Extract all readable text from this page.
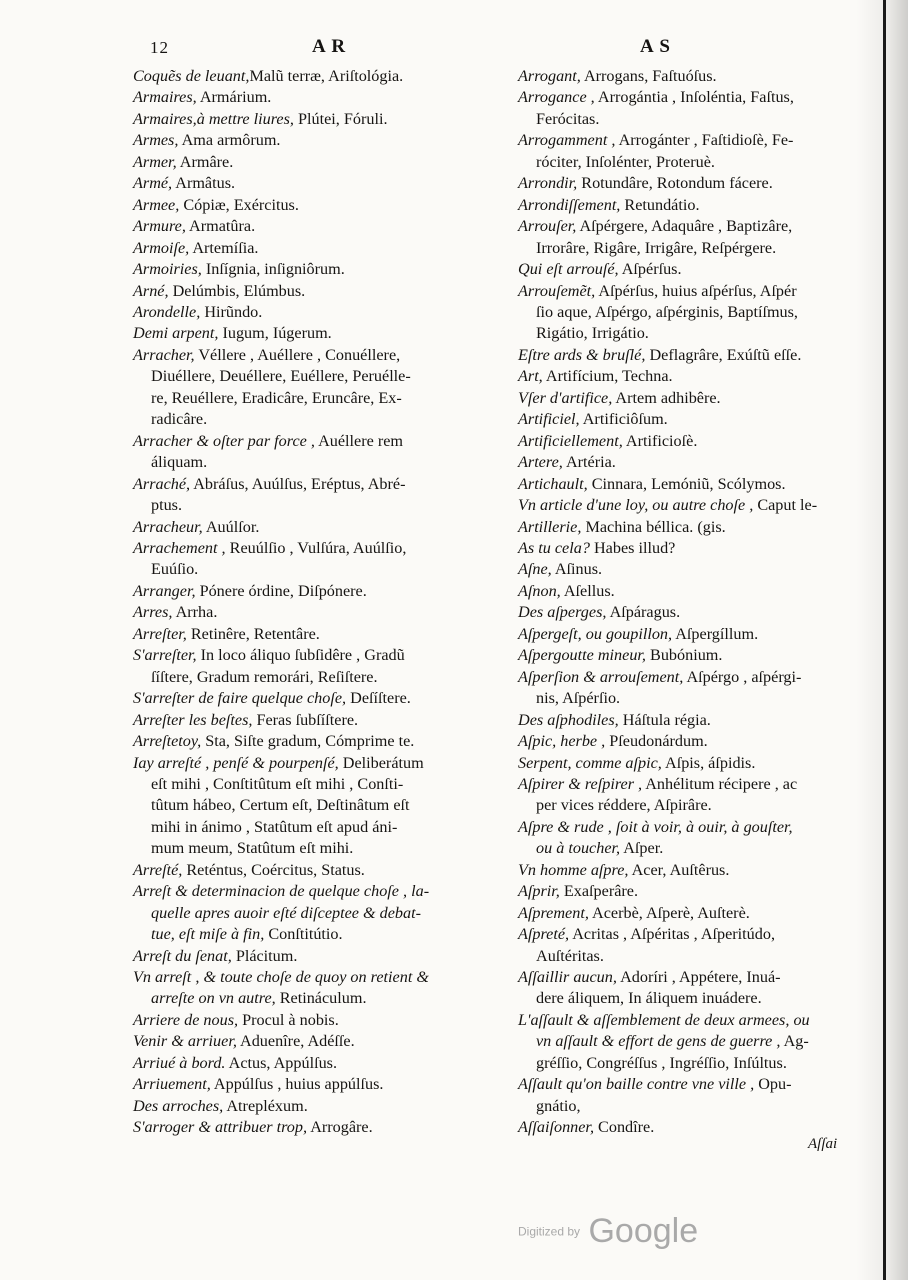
12	A R	A S
Coquẽs de leuant,Malũ terræ, Ariſtológia.
Armaires, Armárium.
Armaires,à mettre liures, Plútei, Fóruli.
Armes, Ama armôrum.
Armer, Armâre.
Armé, Armâtus.
Armee, Cópiæ, Exércitus.
Armure, Armatûra.
Armoiſe, Artemíſia.
Armoiries, Inſígnia, inſigniôrum.
Arné, Delúmbis, Elúmbus.
Arondelle, Hirũndo.
Demi arpent, Iugum, Iúgerum.
Arracher, Véllere , Auéllere , Conuéllere,
Diuéllere, Deuéllere, Euéllere, Peruélle-
re, Reuéllere, Eradicâre, Eruncâre, Ex-
radicâre.
Arracher & oſter par force , Auéllere rem
áliquam.
Arraché, Abráſus, Auúlſus, Eréptus, Abré-
ptus.
Arracheur, Auúlſor.
Arrachement , Reuúlſio , Vulſúra, Auúlſio,
Euúſio.
Arranger, Pónere órdine, Diſpónere.
Arres, Arrha.
Arreſter, Retinêre, Retentâre.
S'arreſter, In loco áliquo ſubſidêre , Gradũ
ſíſtere, Gradum remorári, Reſiſtere.
S'arreſter de faire quelque choſe, Deſíſtere.
Arreſter les beſtes, Feras ſubſíſtere.
Arreſtetoy, Sta, Siſte gradum, Cómprime te.
Iay arreſté , penſé & pourpenſé, Deliberátum
eſt mihi , Conſtitûtum eſt mihi , Conſti-
tûtum hábeo, Certum eſt, Deſtinâtum eſt
mihi in ánimo , Statûtum eſt apud áni-
mum meum, Statûtum eſt mihi.
Arreſté, Reténtus, Coércitus, Status.
Arreſt & determinacion de quelque choſe , la-
quelle apres auoir eſté diſceptee & debat-
tue, eſt miſe à fin, Conſtitútio.
Arreſt du ſenat, Plácitum.
Vn arreſt , & toute choſe de quoy on retient &
arreſte on vn autre, Retináculum.
Arriere de nous, Procul à nobis.
Venir & arriuer, Aduenîre, Adéſſe.
Arriué à bord. Actus, Appúlſus.
Arriuement, Appúlſus , huius appúlſus.
Des arroches, Atrepléxum.
S'arroger & attribuer trop, Arrogâre.
Arrogant, Arrogans, Faſtuóſus.
Arrogance , Arrogántia , Inſoléntia, Faſtus,
Ferócitas.
Arrogamment , Arrogánter , Faſtidioſè, Fe-
róciter, Inſolénter, Proteruè.
Arrondir, Rotundâre, Rotondum fácere.
Arrondiſſement, Retundátio.
Arrouſer, Aſpérgere, Adaquâre , Baptizâre,
Irrorâre, Rigâre, Irrigâre, Reſpérgere.
Qui eſt arrouſé, Aſpérſus.
Arrouſemẽt, Aſpérſus, huius aſpérſus, Aſpér
ſio aque, Aſpérgo, aſpérginis, Baptíſmus,
Rigátio, Irrigátio.
Eſtre ards & bruſlé, Deflagrâre, Exúſtũ eſſe.
Art, Artifícium, Techna.
Vſer d'artifice, Artem adhibêre.
Artificiel, Artificiôſum.
Artificiellement, Artificioſè.
Artere, Artéria.
Artichault, Cinnara, Lemóniũ, Scólymos.
Vn article d'une loy, ou autre choſe , Caput le-
Artillerie, Machina béllica. (gis.
As tu cela? Habes illud?
Aſne, Aſinus.
Aſnon, Aſellus.
Des aſperges, Aſpáragus.
Aſpergeſt, ou goupillon, Aſpergíllum.
Aſpergoutte mineur, Bubónium.
Aſperſion & arrouſement, Aſpérgo , aſpérgi-
nis, Aſpérſio.
Des aſphodiles, Háſtula régia.
Aſpic, herbe , Pſeudonárdum.
Serpent, comme aſpic, Aſpis, áſpidis.
Aſpirer & reſpirer , Anhélitum récipere , ac
per vices réddere, Aſpirâre.
Aſpre & rude , ſoit à voir, à ouir, à gouſter,
ou à toucher, Aſper.
Vn homme aſpre, Acer, Auſtêrus.
Aſprir, Exaſperâre.
Aſprement, Acerbè, Aſperè, Auſterè.
Aſpreté, Acritas , Aſpéritas , Aſperitúdo,
Auſtéritas.
Aſſaillir aucun, Adoríri , Appétere, Inuá-
dere áliquem, In áliquem inuádere.
L'aſſault & aſſemblement de deux armees, ou
vn aſſault & effort de gens de guerre , Ag-
gréſſio, Congréſſus , Ingréſſio, Inſúltus.
Aſſault qu'on baille contre vne ville , Opu-
gnátio,
Aſſaiſonner, Condîre.
Aſſai
Digitized by Google
